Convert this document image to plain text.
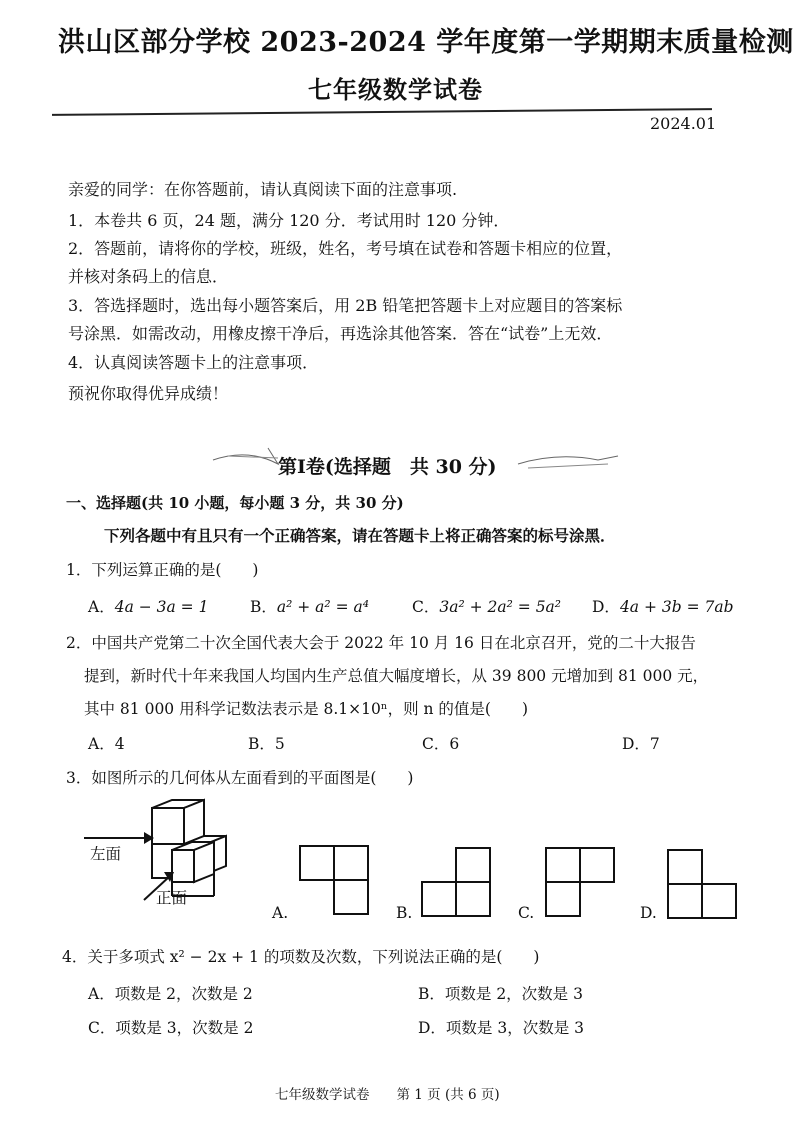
洪山区部分学校 2023-2024 学年度第一学期期末质量检测
七年级数学试卷
2024.01
亲爱的同学：在你答题前，请认真阅读下面的注意事项.
1．本卷共 6 页，24 题，满分 120 分．考试用时 120 分钟．
2．答题前，请将你的学校，班级，姓名，考号填在试卷和答题卡相应的位置，
并核对条码上的信息．
3．答选择题时，选出每小题答案后，用 2B 铅笔把答题卡上对应题目的答案标
号涂黑．如需改动，用橡皮擦干净后，再选涂其他答案．答在“试卷”上无效．
4．认真阅读答题卡上的注意事项．
预祝你取得优异成绩！
第Ⅰ卷(选择题　共 30 分)
一、选择题(共 10 小题，每小题 3 分，共 30 分)
下列各题中有且只有一个正确答案，请在答题卡上将正确答案的标号涂黑．
1．下列运算正确的是(　　)
A．4a − 3a = 1	B．a² + a² = a⁴	C．3a² + 2a² = 5a² D．4a + 3b = 7ab
2．中国共产党第二十次全国代表大会于 2022 年 10 月 16 日在北京召开，党的二十大报告
提到，新时代十年来我国人均国内生产总值大幅度增长，从 39 800 元增加到 81 000 元，
其中 81 000 用科学记数法表示是 8.1×10ⁿ，则 n 的值是(　　)
A．4	B．5	C．6	D．7
3．如图所示的几何体从左面看到的平面图是(　　)
左面
正面
A.	B.	C.	D.
4．关于多项式 x² − 2x + 1 的项数及次数，下列说法正确的是(　　)
A．项数是 2，次数是 2	B．项数是 2，次数是 3
C．项数是 3，次数是 2	D．项数是 3，次数是 3
七年级数学试卷　　第 1 页 (共 6 页)
